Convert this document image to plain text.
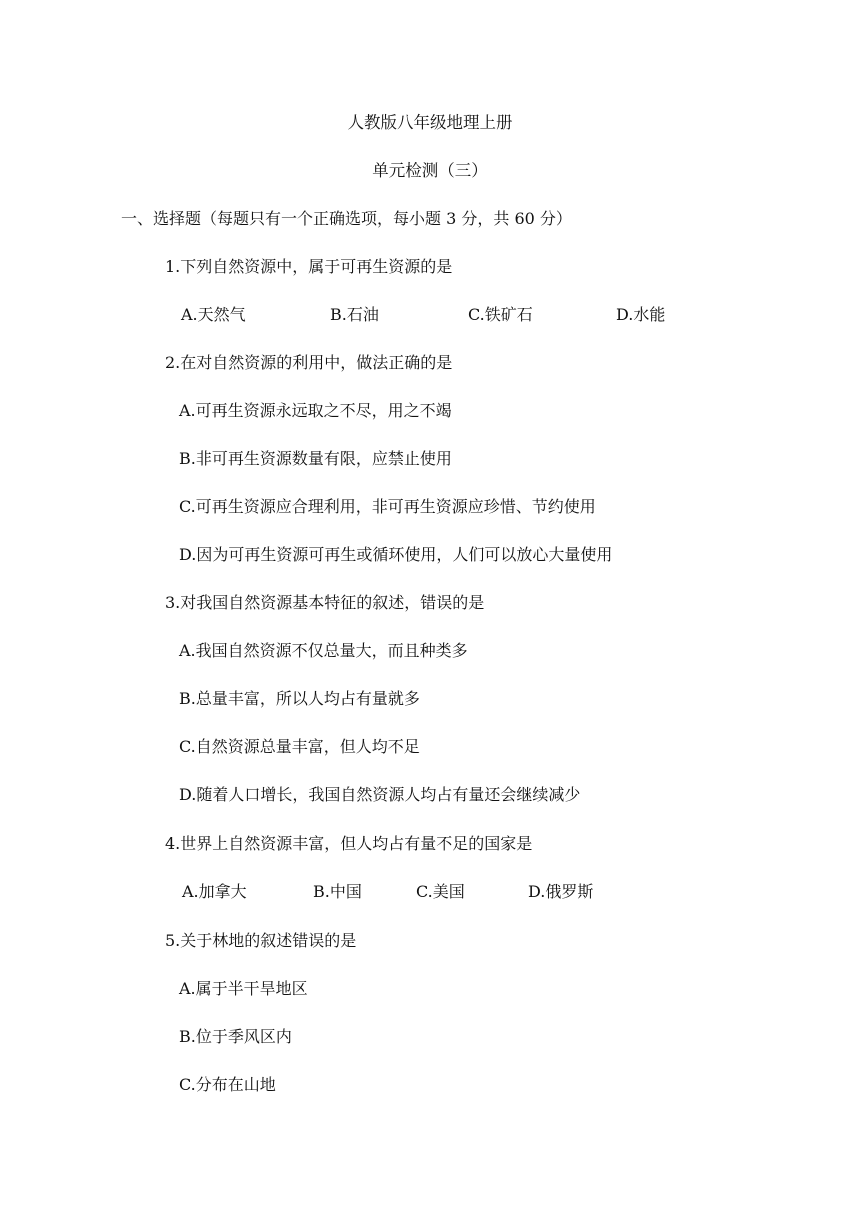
人教版八年级地理上册
单元检测（三）
一、选择题（每题只有一个正确选项，每小题 3 分，共 60 分）
1.下列自然资源中，属于可再生资源的是
A.天然气	B.石油	C.铁矿石	D.水能
2.在对自然资源的利用中，做法正确的是
A.可再生资源永远取之不尽，用之不竭
B.非可再生资源数量有限，应禁止使用
C.可再生资源应合理利用，非可再生资源应珍惜、节约使用
D.因为可再生资源可再生或循环使用，人们可以放心大量使用
3.对我国自然资源基本特征的叙述，错误的是
A.我国自然资源不仅总量大，而且种类多
B.总量丰富，所以人均占有量就多
C.自然资源总量丰富，但人均不足
D.随着人口增长，我国自然资源人均占有量还会继续减少
4.世界上自然资源丰富，但人均占有量不足的国家是
A.加拿大	B.中国	C.美国	D.俄罗斯
5.关于林地的叙述错误的是
A.属于半干旱地区
B.位于季风区内
C.分布在山地
